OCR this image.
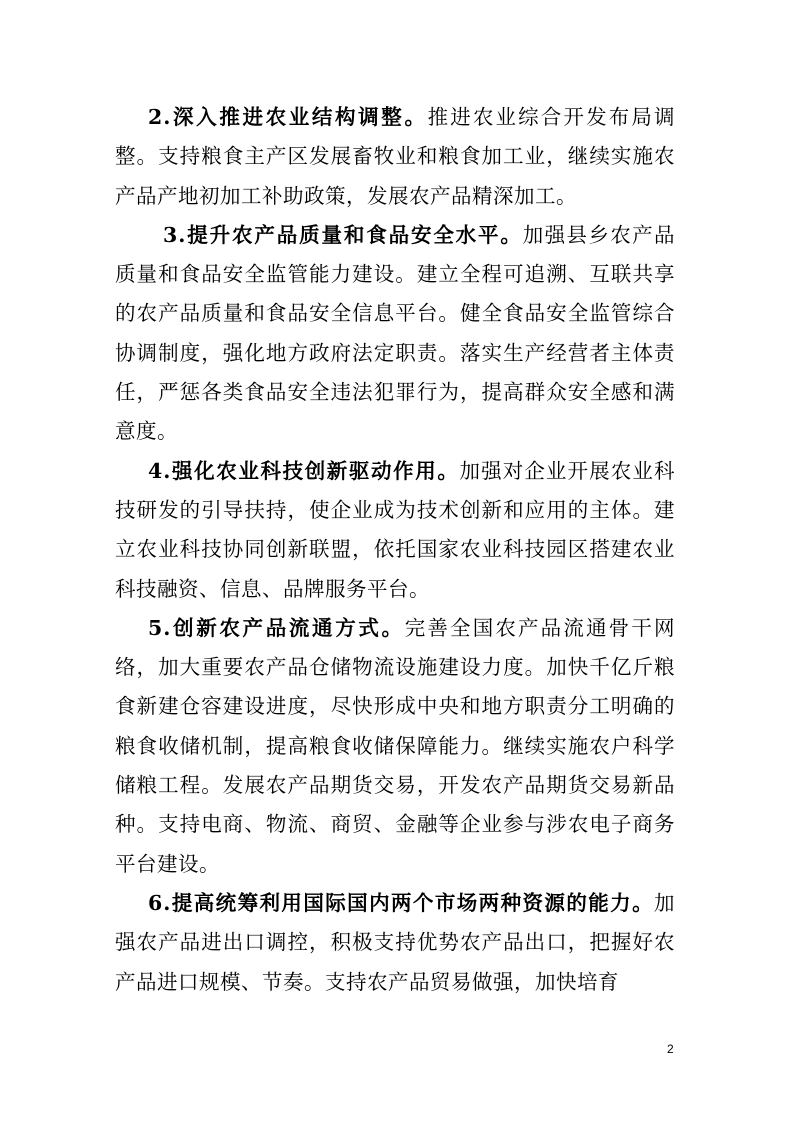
2.深入推进农业结构调整。推进农业综合开发布局调整。支持粮食主产区发展畜牧业和粮食加工业，继续实施农产品产地初加工补助政策，发展农产品精深加工。

3.提升农产品质量和食品安全水平。加强县乡农产品质量和食品安全监管能力建设。建立全程可追溯、互联共享的农产品质量和食品安全信息平台。健全食品安全监管综合协调制度，强化地方政府法定职责。落实生产经营者主体责任，严惩各类食品安全违法犯罪行为，提高群众安全感和满意度。

4.强化农业科技创新驱动作用。加强对企业开展农业科技研发的引导扶持，使企业成为技术创新和应用的主体。建立农业科技协同创新联盟，依托国家农业科技园区搭建农业科技融资、信息、品牌服务平台。

5.创新农产品流通方式。完善全国农产品流通骨干网络，加大重要农产品仓储物流设施建设力度。加快千亿斤粮食新建仓容建设进度，尽快形成中央和地方职责分工明确的粮食收储机制，提高粮食收储保障能力。继续实施农户科学储粮工程。发展农产品期货交易，开发农产品期货交易新品种。支持电商、物流、商贸、金融等企业参与涉农电子商务平台建设。

6.提高统筹利用国际国内两个市场两种资源的能力。加强农产品进出口调控，积极支持优势农产品出口，把握好农产品进口规模、节奏。支持农产品贸易做强，加快培育

2
